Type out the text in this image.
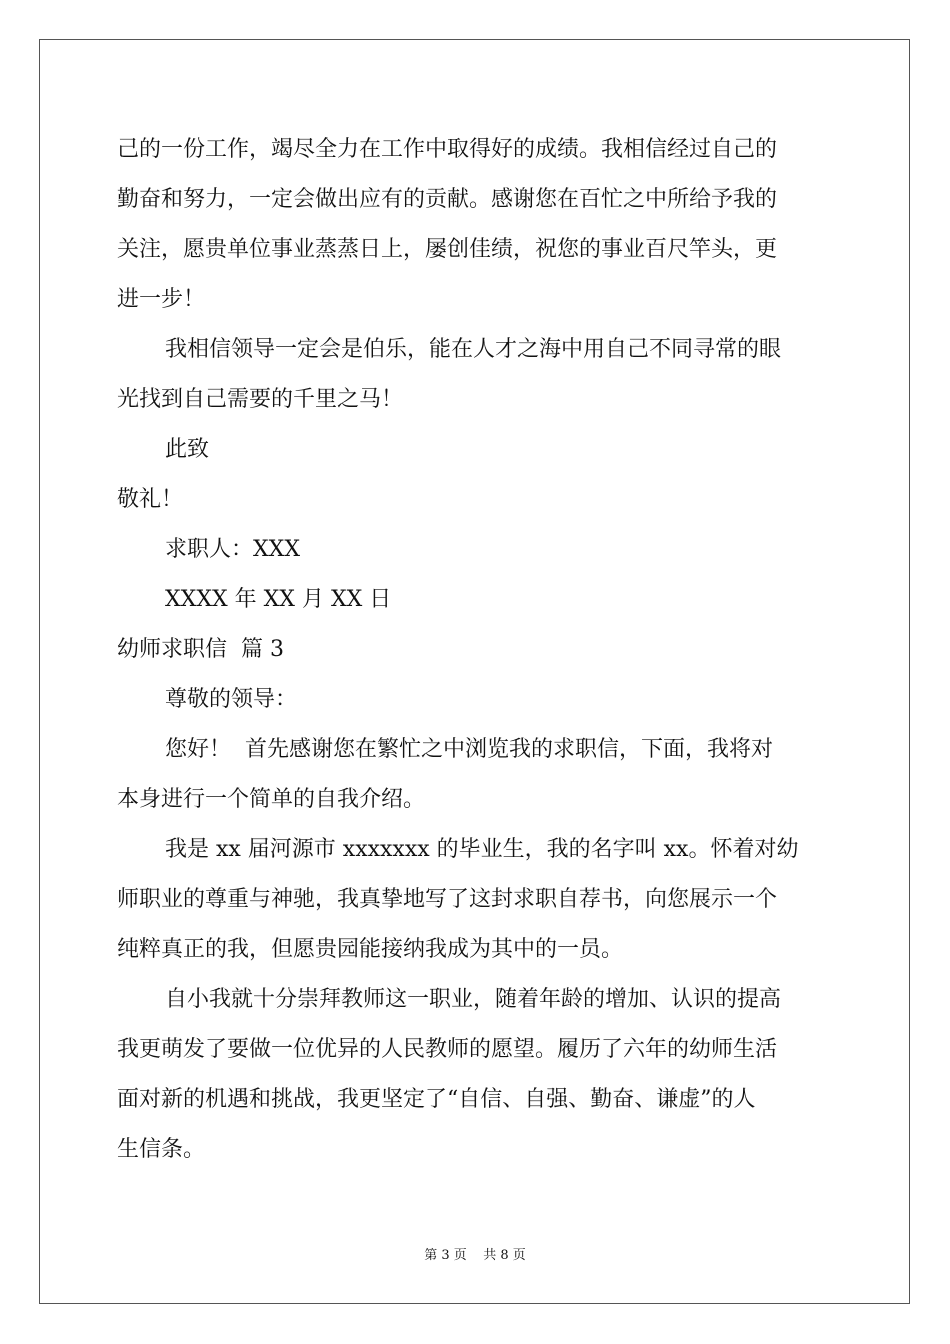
己的一份工作，竭尽全力在工作中取得好的成绩。我相信经过自己的
勤奋和努力，一定会做出应有的贡献。感谢您在百忙之中所给予我的
关注，愿贵单位事业蒸蒸日上，屡创佳绩，祝您的事业百尺竿头，更
进一步！
我相信领导一定会是伯乐，能在人才之海中用自己不同寻常的眼
光找到自己需要的千里之马！
此致
敬礼！
求职人：XXX
XXXX 年 XX 月 XX 日
幼师求职信  篇 3
尊敬的领导：
您好！  首先感谢您在繁忙之中浏览我的求职信，下面，我将对
本身进行一个简单的自我介绍。
我是 xx 届河源市 xxxxxxx 的毕业生，我的名字叫 xx。怀着对幼
师职业的尊重与神驰，我真挚地写了这封求职自荐书，向您展示一个
纯粹真正的我，但愿贵园能接纳我成为其中的一员。
自小我就十分崇拜教师这一职业，随着年龄的增加、认识的提高
我更萌发了要做一位优异的人民教师的愿望。履历了六年的幼师生活
面对新的机遇和挑战，我更坚定了“自信、自强、勤奋、谦虚”的人
生信条。
第 3 页    共 8 页
